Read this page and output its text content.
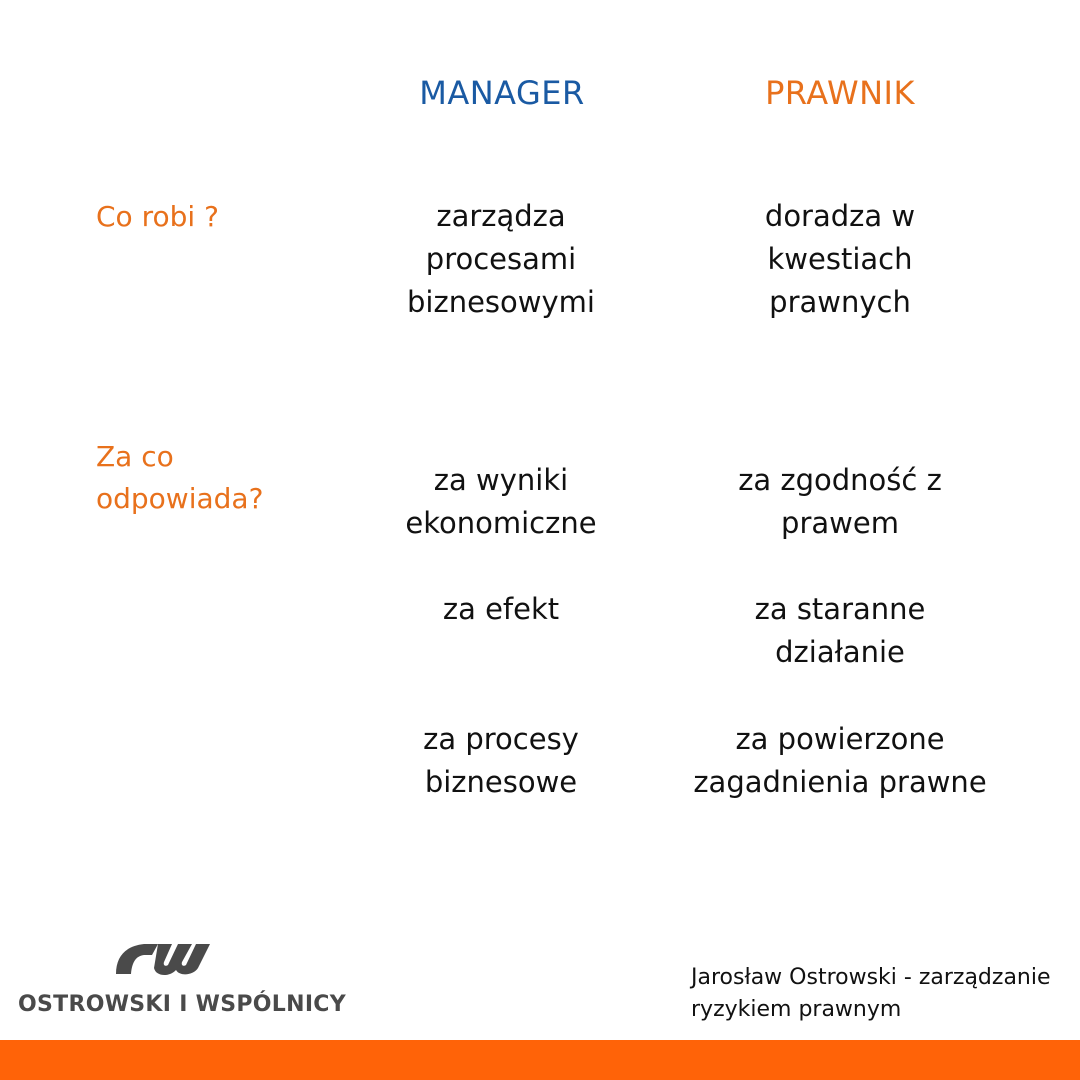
MANAGER	PRAWNIK
Co robi ?
Za co
odpowiada?
zarządza
procesami
biznesowymi
za wyniki
ekonomiczne
za efekt
za procesy
biznesowe
doradza w
kwestiach
prawnych
za zgodność z
prawem
za staranne
działanie
za powierzone
zagadnienia prawne
OSTROWSKI I WSPÓLNICY
Jarosław Ostrowski - zarządzanie
ryzykiem prawnym
